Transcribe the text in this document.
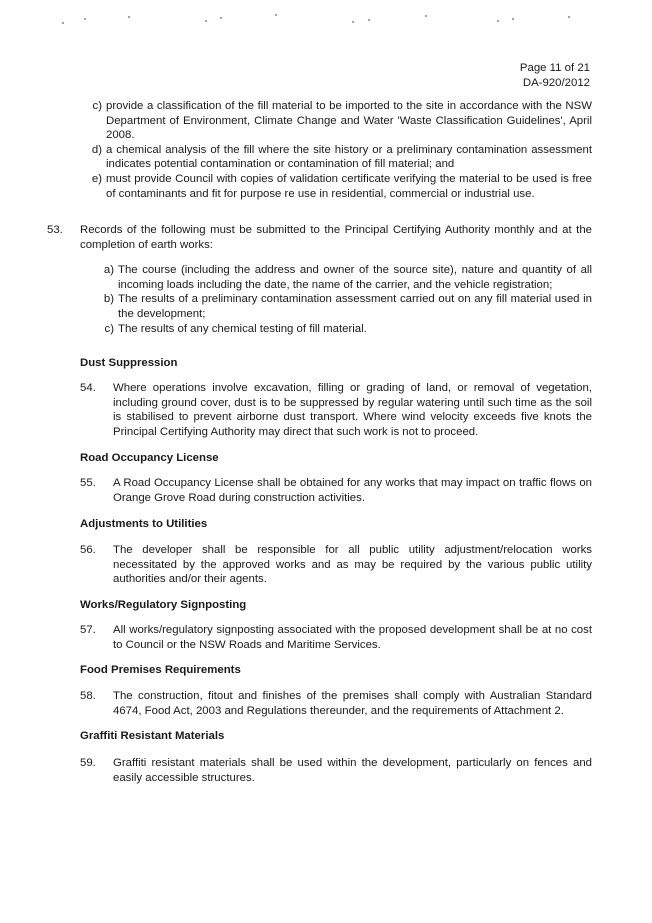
Page 11 of 21
DA-920/2012
c) provide a classification of the fill material to be imported to the site in accordance with the NSW Department of Environment, Climate Change and Water 'Waste Classification Guidelines', April 2008.
d) a chemical analysis of the fill where the site history or a preliminary contamination assessment indicates potential contamination or contamination of fill material; and
e) must provide Council with copies of validation certificate verifying the material to be used is free of contaminants and fit for purpose re use in residential, commercial or industrial use.
53. Records of the following must be submitted to the Principal Certifying Authority monthly and at the completion of earth works:
a) The course (including the address and owner of the source site), nature and quantity of all incoming loads including the date, the name of the carrier, and the vehicle registration;
b) The results of a preliminary contamination assessment carried out on any fill material used in the development;
c) The results of any chemical testing of fill material.
Dust Suppression
54. Where operations involve excavation, filling or grading of land, or removal of vegetation, including ground cover, dust is to be suppressed by regular watering until such time as the soil is stabilised to prevent airborne dust transport. Where wind velocity exceeds five knots the Principal Certifying Authority may direct that such work is not to proceed.
Road Occupancy License
55. A Road Occupancy License shall be obtained for any works that may impact on traffic flows on Orange Grove Road during construction activities.
Adjustments to Utilities
56. The developer shall be responsible for all public utility adjustment/relocation works necessitated by the approved works and as may be required by the various public utility authorities and/or their agents.
Works/Regulatory Signposting
57. All works/regulatory signposting associated with the proposed development shall be at no cost to Council or the NSW Roads and Maritime Services.
Food Premises Requirements
58. The construction, fitout and finishes of the premises shall comply with Australian Standard 4674, Food Act, 2003 and Regulations thereunder, and the requirements of Attachment 2.
Graffiti Resistant Materials
59. Graffiti resistant materials shall be used within the development, particularly on fences and easily accessible structures.
